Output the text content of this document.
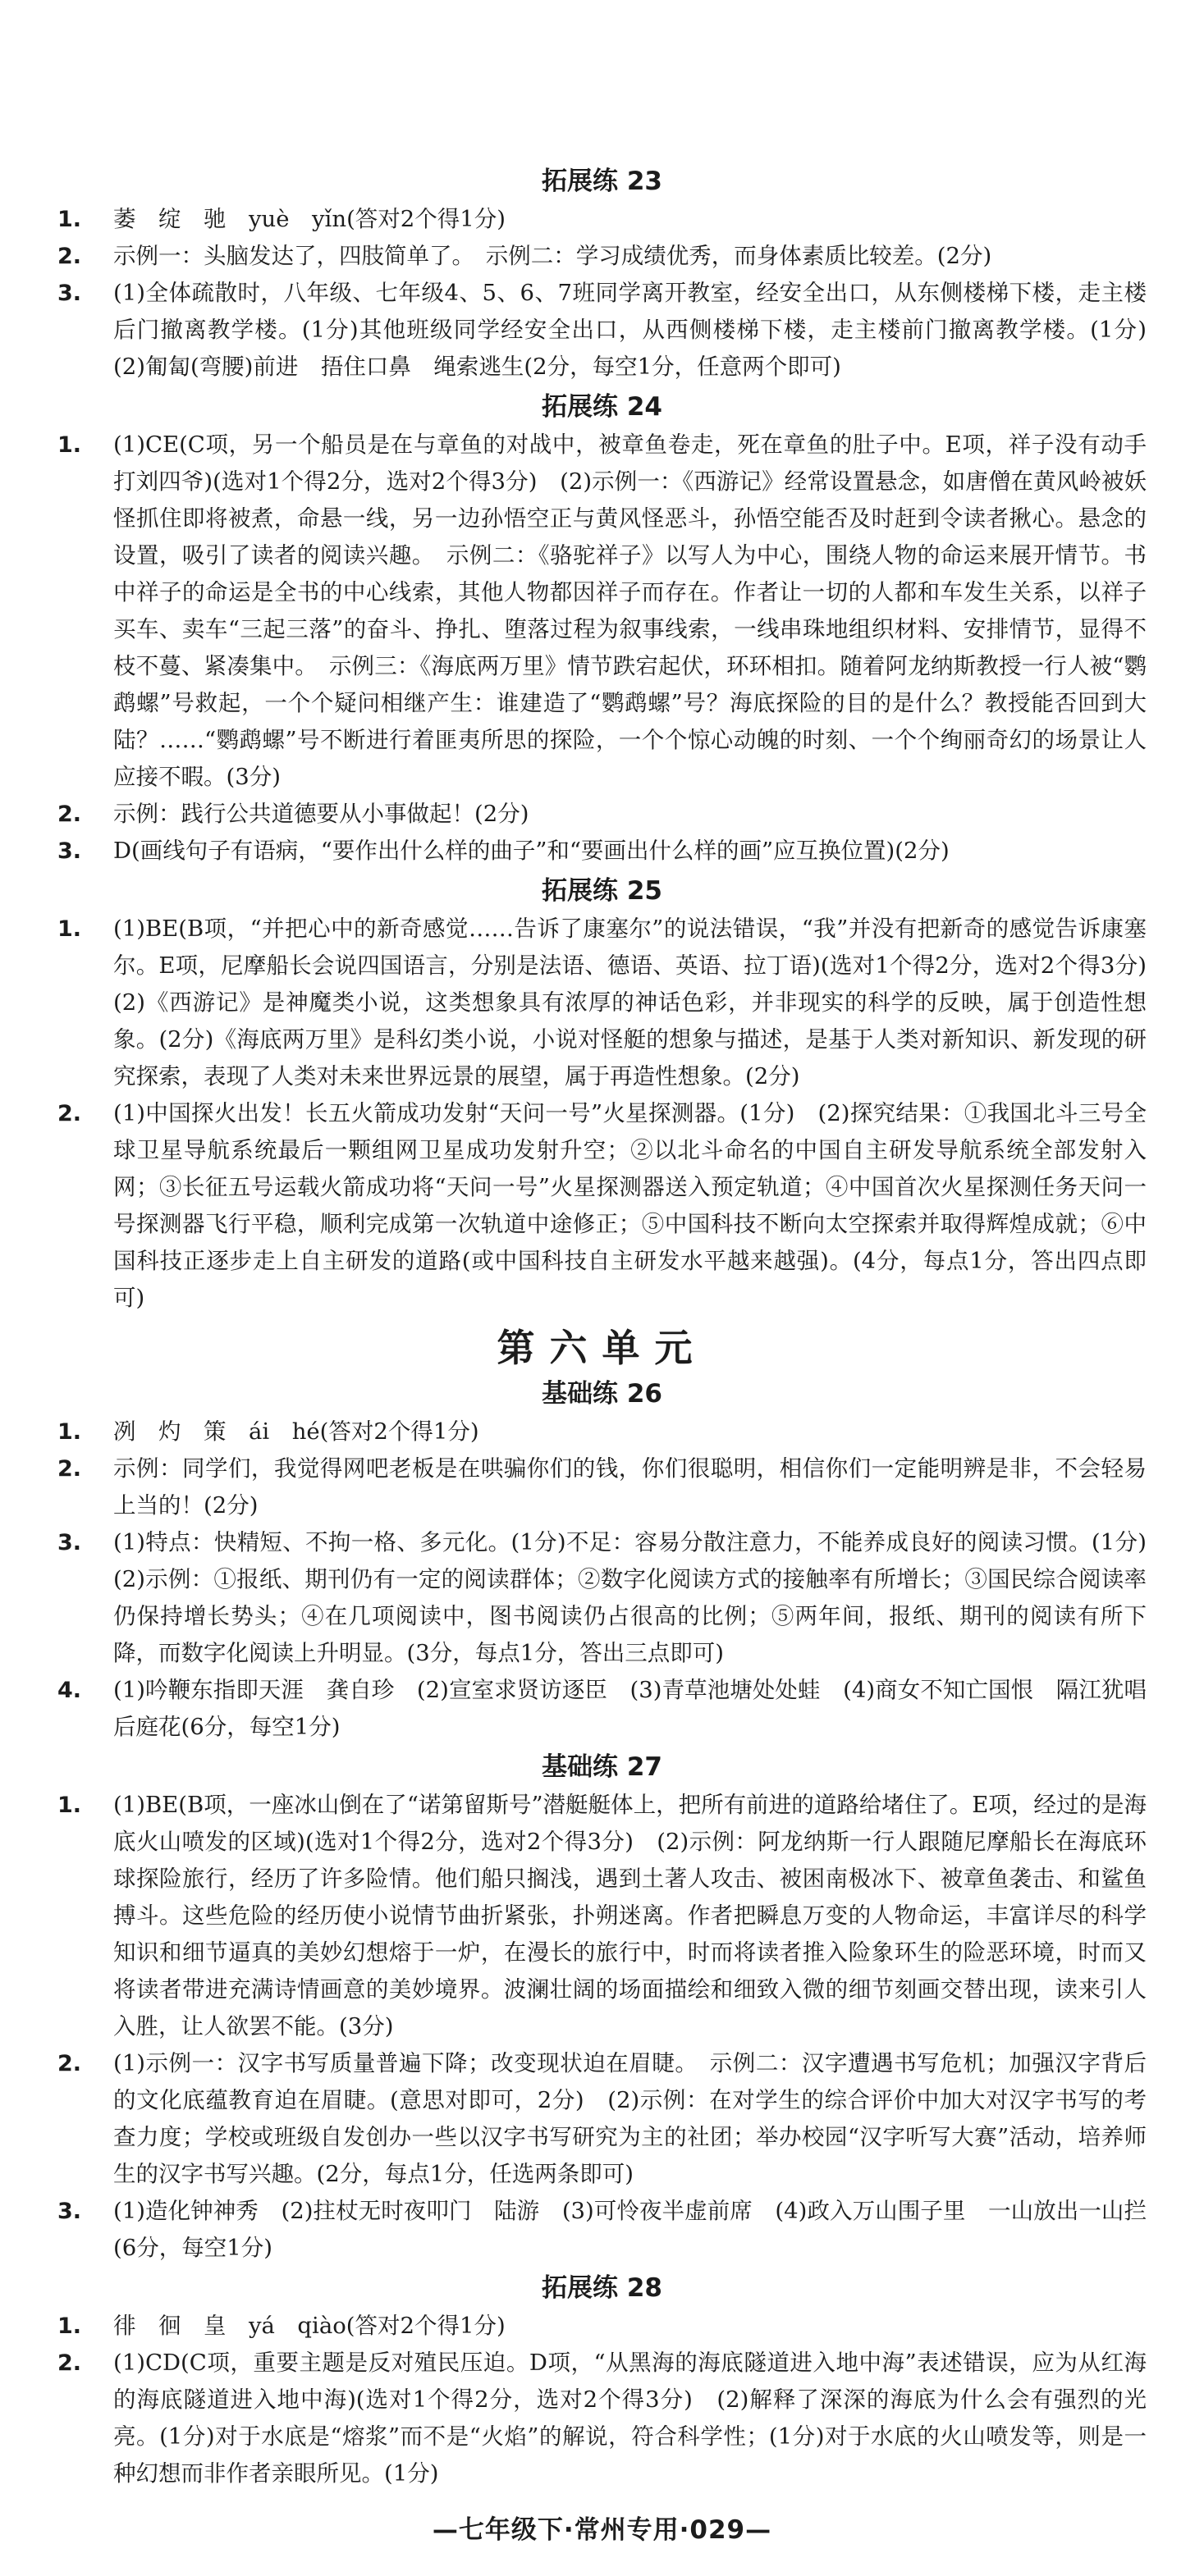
拓展练 23
1.	萎　绽　驰　yuè　yǐn(答对2个得1分)
2.	示例一：头脑发达了，四肢简单了。　示例二：学习成绩优秀，而身体素质比较差。(2分)
3.	(1)全体疏散时，八年级、七年级4、5、6、7班同学离开教室，经安全出口，从东侧楼梯下楼，走主楼后门撤离教学楼。(1分)其他班级同学经安全出口，从西侧楼梯下楼，走主楼前门撤离教学楼。(1分)　(2)匍匐(弯腰)前进　捂住口鼻　绳索逃生(2分，每空1分，任意两个即可)
拓展练 24
1.	(1)CE(C项，另一个船员是在与章鱼的对战中，被章鱼卷走，死在章鱼的肚子中。E项，祥子没有动手打刘四爷)(选对1个得2分，选对2个得3分)　(2)示例一：《西游记》经常设置悬念，如唐僧在黄风岭被妖怪抓住即将被煮，命悬一线，另一边孙悟空正与黄风怪恶斗，孙悟空能否及时赶到令读者揪心。悬念的设置，吸引了读者的阅读兴趣。　示例二：《骆驼祥子》以写人为中心，围绕人物的命运来展开情节。书中祥子的命运是全书的中心线索，其他人物都因祥子而存在。作者让一切的人都和车发生关系，以祥子买车、卖车“三起三落”的奋斗、挣扎、堕落过程为叙事线索，一线串珠地组织材料、安排情节，显得不枝不蔓、紧凑集中。　示例三：《海底两万里》情节跌宕起伏，环环相扣。随着阿龙纳斯教授一行人被“鹦鹉螺”号救起，一个个疑问相继产生：谁建造了“鹦鹉螺”号？海底探险的目的是什么？教授能否回到大陆？……“鹦鹉螺”号不断进行着匪夷所思的探险，一个个惊心动魄的时刻、一个个绚丽奇幻的场景让人应接不暇。(3分)
2.	示例：践行公共道德要从小事做起！(2分)
3.	D(画线句子有语病，“要作出什么样的曲子”和“要画出什么样的画”应互换位置)(2分)
拓展练 25
1.	(1)BE(B项，“并把心中的新奇感觉……告诉了康塞尔”的说法错误，“我”并没有把新奇的感觉告诉康塞尔。E项，尼摩船长会说四国语言，分别是法语、德语、英语、拉丁语)(选对1个得2分，选对2个得3分)　(2)《西游记》是神魔类小说，这类想象具有浓厚的神话色彩，并非现实的科学的反映，属于创造性想象。(2分)《海底两万里》是科幻类小说，小说对怪艇的想象与描述，是基于人类对新知识、新发现的研究探索，表现了人类对未来世界远景的展望，属于再造性想象。(2分)
2.	(1)中国探火出发！长五火箭成功发射“天问一号”火星探测器。(1分)　(2)探究结果：①我国北斗三号全球卫星导航系统最后一颗组网卫星成功发射升空；②以北斗命名的中国自主研发导航系统全部发射入网；③长征五号运载火箭成功将“天问一号”火星探测器送入预定轨道；④中国首次火星探测任务天问一号探测器飞行平稳，顺利完成第一次轨道中途修正；⑤中国科技不断向太空探索并取得辉煌成就；⑥中国科技正逐步走上自主研发的道路(或中国科技自主研发水平越来越强)。(4分，每点1分，答出四点即可)
第六单元
基础练 26
1.	冽　灼　策　ái　hé(答对2个得1分)
2.	示例：同学们，我觉得网吧老板是在哄骗你们的钱，你们很聪明，相信你们一定能明辨是非，不会轻易上当的！(2分)
3.	(1)特点：快精短、不拘一格、多元化。(1分)不足：容易分散注意力，不能养成良好的阅读习惯。(1分)　(2)示例：①报纸、期刊仍有一定的阅读群体；②数字化阅读方式的接触率有所增长；③国民综合阅读率仍保持增长势头；④在几项阅读中，图书阅读仍占很高的比例；⑤两年间，报纸、期刊的阅读有所下降，而数字化阅读上升明显。(3分，每点1分，答出三点即可)
4.	(1)吟鞭东指即天涯　龚自珍　(2)宣室求贤访逐臣　(3)青草池塘处处蛙　(4)商女不知亡国恨　隔江犹唱后庭花(6分，每空1分)
基础练 27
1.	(1)BE(B项，一座冰山倒在了“诺第留斯号”潜艇艇体上，把所有前进的道路给堵住了。E项，经过的是海底火山喷发的区域)(选对1个得2分，选对2个得3分)　(2)示例：阿龙纳斯一行人跟随尼摩船长在海底环球探险旅行，经历了许多险情。他们船只搁浅，遇到土著人攻击、被困南极冰下、被章鱼袭击、和鲨鱼搏斗。这些危险的经历使小说情节曲折紧张，扑朔迷离。作者把瞬息万变的人物命运，丰富详尽的科学知识和细节逼真的美妙幻想熔于一炉，在漫长的旅行中，时而将读者推入险象环生的险恶环境，时而又将读者带进充满诗情画意的美妙境界。波澜壮阔的场面描绘和细致入微的细节刻画交替出现，读来引人入胜，让人欲罢不能。(3分)
2.	(1)示例一：汉字书写质量普遍下降；改变现状迫在眉睫。　示例二：汉字遭遇书写危机；加强汉字背后的文化底蕴教育迫在眉睫。(意思对即可，2分)　(2)示例：在对学生的综合评价中加大对汉字书写的考查力度；学校或班级自发创办一些以汉字书写研究为主的社团；举办校园“汉字听写大赛”活动，培养师生的汉字书写兴趣。(2分，每点1分，任选两条即可)
3.	(1)造化钟神秀　(2)拄杖无时夜叩门　陆游　(3)可怜夜半虚前席　(4)政入万山围子里　一山放出一山拦(6分，每空1分)
拓展练 28
1.	徘　徊　皇　yá　qiào(答对2个得1分)
2.	(1)CD(C项，重要主题是反对殖民压迫。D项，“从黑海的海底隧道进入地中海”表述错误，应为从红海的海底隧道进入地中海)(选对1个得2分，选对2个得3分)　(2)解释了深深的海底为什么会有强烈的光亮。(1分)对于水底是“熔浆”而不是“火焰”的解说，符合科学性；(1分)对于水底的火山喷发等，则是一种幻想而非作者亲眼所见。(1分)
—七年级下·常州专用·029—
